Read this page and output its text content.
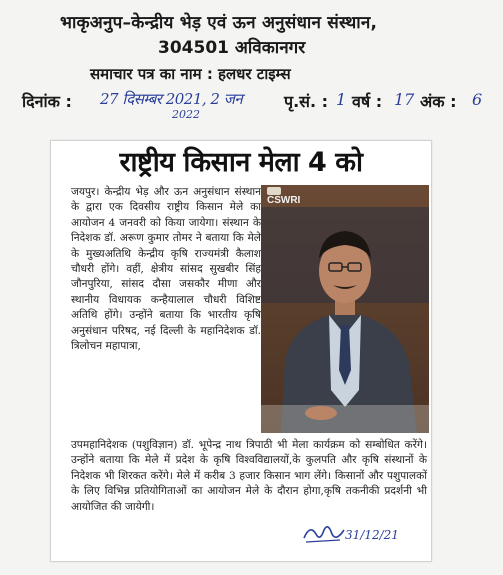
भाकृअनुप–केन्द्रीय भेड़ एवं ऊन अनुसंधान संस्थान,
304501 अविकानगर
समाचार पत्र का नाम : हलधर टाइम्स
दिनांक : 27 दिसम्बर 2021, 2 जन
2022
पृ.सं. : 1 वर्ष : 17 अंक : 6
राष्ट्रीय किसान मेला 4 को
जयपुर। केन्द्रीय भेड़ और ऊन अनुसंधान संस्थान के द्वारा एक दिवसीय राष्ट्रीय किसान मेले का आयोजन 4 जनवरी को किया जायेगा। संस्थान के निदेशक डॉ. अरूण कुमार तोमर ने बताया कि मेले के मुख्यअतिथि केन्द्रीय कृषि राज्यमंत्री कैलाश चौधरी होंगे। वहीं, क्षेत्रीय सांसद सुखबीर सिंह जौनपुरिया, सांसद दौसा जसकौर मीणा और स्थानीय विधायक कन्हैयालाल चौधरी विशिष्ट अतिथि होंगे। उन्होंने बताया कि भारतीय कृषि अनुसंधान परिषद, नई दिल्ली के महानिदेशक डॉ. त्रिलोचन महापात्रा,
CSWRI
उपमहानिदेशक (पशुविज्ञान) डॉ. भूपेन्द्र नाथ त्रिपाठी भी मेला कार्यक्रम को सम्बोधित करेंगे। उन्होंने बताया कि मेले में प्रदेश के कृषि विश्वविद्यालयों,के कुलपति और कृषि संस्थानों के निदेशक भी शिरकत करेंगे। मेले में करीब 3 हजार किसान भाग लेंगे। किसानों और पशुपालकों के लिए विभिन्न प्रतियोगिताओं का आयोजन मेले के दौरान होगा,कृषि तकनीकी प्रदर्शनी भी आयोजित की जायेगी।
31/12/21
